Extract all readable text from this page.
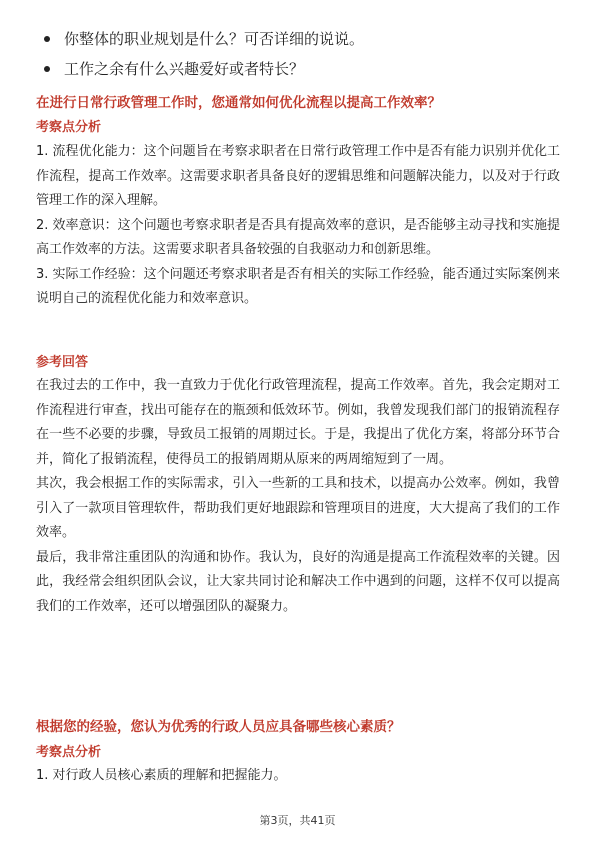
你整体的职业规划是什么？可否详细的说说。
工作之余有什么兴趣爱好或者特长？
在进行日常行政管理工作时，您通常如何优化流程以提高工作效率？
考察点分析
1. 流程优化能力：这个问题旨在考察求职者在日常行政管理工作中是否有能力识别并优化工作流程，提高工作效率。这需要求职者具备良好的逻辑思维和问题解决能力，以及对于行政管理工作的深入理解。
2. 效率意识：这个问题也考察求职者是否具有提高效率的意识，是否能够主动寻找和实施提高工作效率的方法。这需要求职者具备较强的自我驱动力和创新思维。
3. 实际工作经验：这个问题还考察求职者是否有相关的实际工作经验，能否通过实际案例来说明自己的流程优化能力和效率意识。
参考回答
在我过去的工作中，我一直致力于优化行政管理流程，提高工作效率。首先，我会定期对工作流程进行审查，找出可能存在的瓶颈和低效环节。例如，我曾发现我们部门的报销流程存在一些不必要的步骤，导致员工报销的周期过长。于是，我提出了优化方案，将部分环节合并，简化了报销流程，使得员工的报销周期从原来的两周缩短到了一周。
其次，我会根据工作的实际需求，引入一些新的工具和技术，以提高办公效率。例如，我曾引入了一款项目管理软件，帮助我们更好地跟踪和管理项目的进度，大大提高了我们的工作效率。
最后，我非常注重团队的沟通和协作。我认为，良好的沟通是提高工作流程效率的关键。因此，我经常会组织团队会议，让大家共同讨论和解决工作中遇到的问题，这样不仅可以提高我们的工作效率，还可以增强团队的凝聚力。
根据您的经验，您认为优秀的行政人员应具备哪些核心素质？
考察点分析
1. 对行政人员核心素质的理解和把握能力。
第3页，共41页
